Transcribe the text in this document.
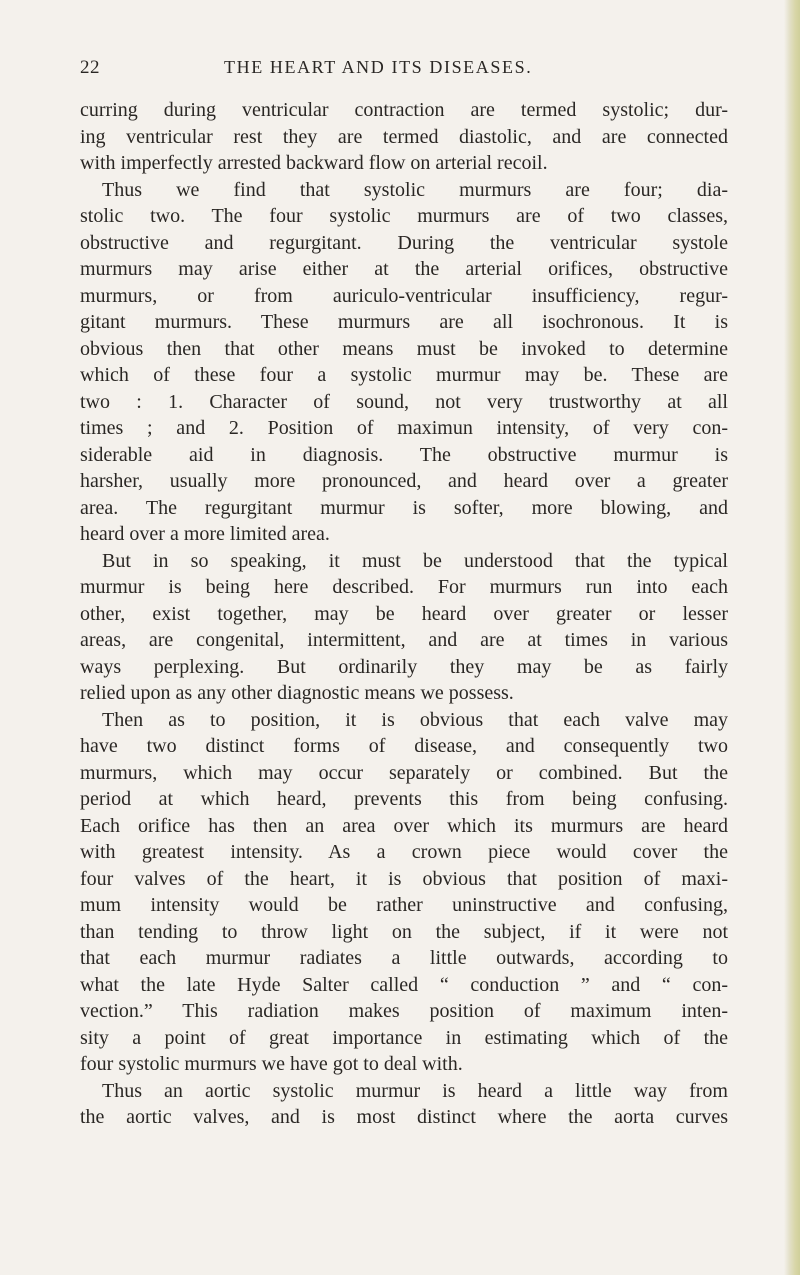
22	THE HEART AND ITS DISEASES.
curring during ventricular contraction are termed systolic; dur-
ing ventricular rest they are termed diastolic, and are connected
with imperfectly arrested backward flow on arterial recoil.
Thus we find that systolic murmurs are four; dia-
stolic two. The four systolic murmurs are of two classes,
obstructive and regurgitant. During the ventricular systole
murmurs may arise either at the arterial orifices, obstructive
murmurs, or from auriculo-ventricular insufficiency, regur-
gitant murmurs. These murmurs are all isochronous. It is
obvious then that other means must be invoked to determine
which of these four a systolic murmur may be. These are
two : 1. Character of sound, not very trustworthy at all
times ; and 2. Position of maximun intensity, of very con-
siderable aid in diagnosis. The obstructive murmur is
harsher, usually more pronounced, and heard over a greater
area. The regurgitant murmur is softer, more blowing, and
heard over a more limited area.
But in so speaking, it must be understood that the typical
murmur is being here described. For murmurs run into each
other, exist together, may be heard over greater or lesser
areas, are congenital, intermittent, and are at times in various
ways perplexing. But ordinarily they may be as fairly
relied upon as any other diagnostic means we possess.
Then as to position, it is obvious that each valve may
have two distinct forms of disease, and consequently two
murmurs, which may occur separately or combined. But the
period at which heard, prevents this from being confusing.
Each orifice has then an area over which its murmurs are heard
with greatest intensity. As a crown piece would cover the
four valves of the heart, it is obvious that position of maxi-
mum intensity would be rather uninstructive and confusing,
than tending to throw light on the subject, if it were not
that each murmur radiates a little outwards, according to
what the late Hyde Salter called “ conduction ” and “ con-
vection.” This radiation makes position of maximum inten-
sity a point of great importance in estimating which of the
four systolic murmurs we have got to deal with.
Thus an aortic systolic murmur is heard a little way from
the aortic valves, and is most distinct where the aorta curves
